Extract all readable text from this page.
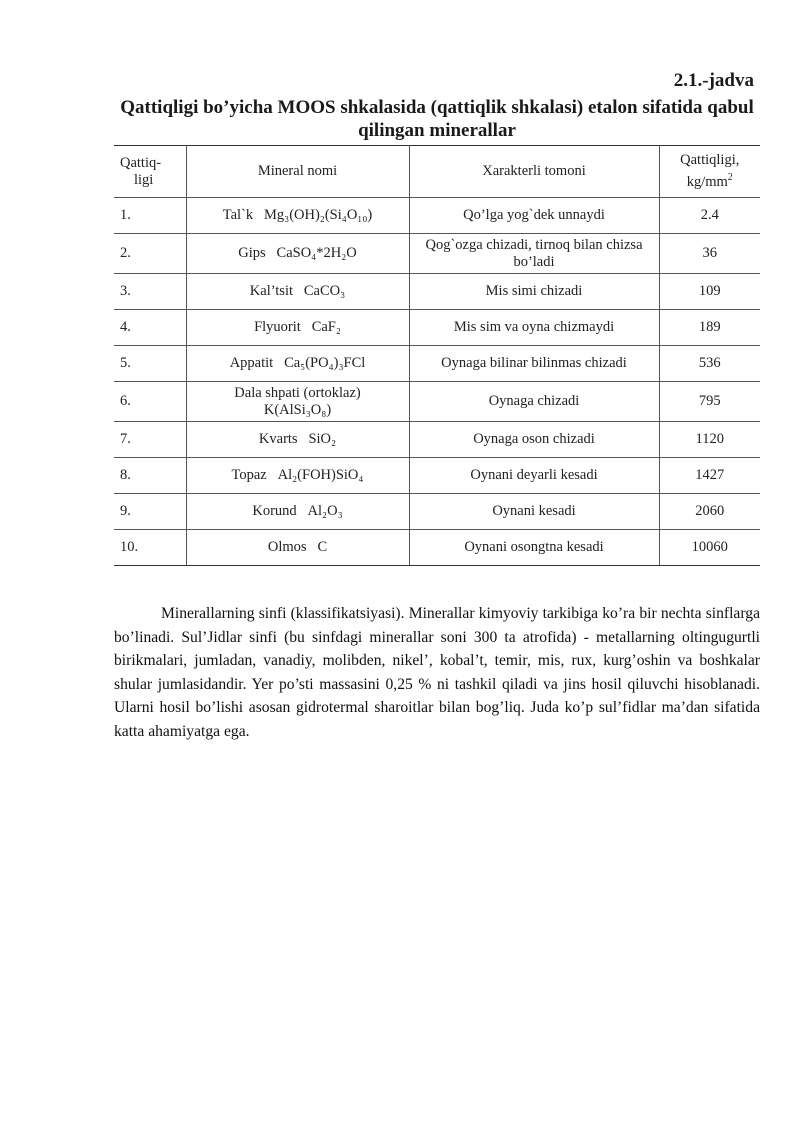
2.1.-jadva
Qattiqligi bo’yicha MOOS shkalasida (qattiqlik shkalasi) etalon sifatida qabul qilingan minerallar
Qattiq-
ligi	Mineral nomi	Xarakterli tomoni	Qattiqligi,
$kg/mm^2$
1.	Tal`k Mg₃(OH)₂(Si₄O₁₀)	Qo’lga yog`dek unnaydi	2.4
2.	Gips CaSO₄*2H₂O	Qog`ozga chizadi, tirnoq bilan chizsa bo’ladi	36
3.	Kal’tsit CaCO₃	Mis simi chizadi	109
4.	Flyuorit CaF₂	Mis sim va oyna chizmaydi	189
5.	Appatit Ca₅(PO₄)₃FCl	Oynaga bilinar bilinmas chizadi	536
6.	Dala shpati (ortoklaz)
K(AlSi₃O₈)	Oynaga chizadi	795
7.	Kvarts SiO₂	Oynaga oson chizadi	1120
8.	Topaz Al₂(FOH)SiO₄	Oynani deyarli kesadi	1427
9.	Korund Al₂O₃	Oynani kesadi	2060
10.	Olmos C	Oynani osongtna kesadi	10060

Minerallarning sinfi (klassifikatsiyasi). Minerallar kimyoviy tarkibiga ko’ra bir nechta sinflarga bo’linadi. Sul’Jidlar sinfi (bu sinfdagi minerallar soni 300 ta atrofida) - metallarning oltingugurtli birikmalari, jumladan, vanadiy, molibden, nikel’, kobal’t, temir, mis, rux, kurg’oshin va boshkalar shular jumlasidandir. Yer po’sti massasini 0,25 % ni tashkil qiladi va jins hosil qiluvchi hisoblanadi. Ularni hosil bo’lishi asosan gidrotermal sharoitlar bilan bog’liq. Juda ko’p sul’fidlar ma’dan sifatida katta ahamiyatga ega.
